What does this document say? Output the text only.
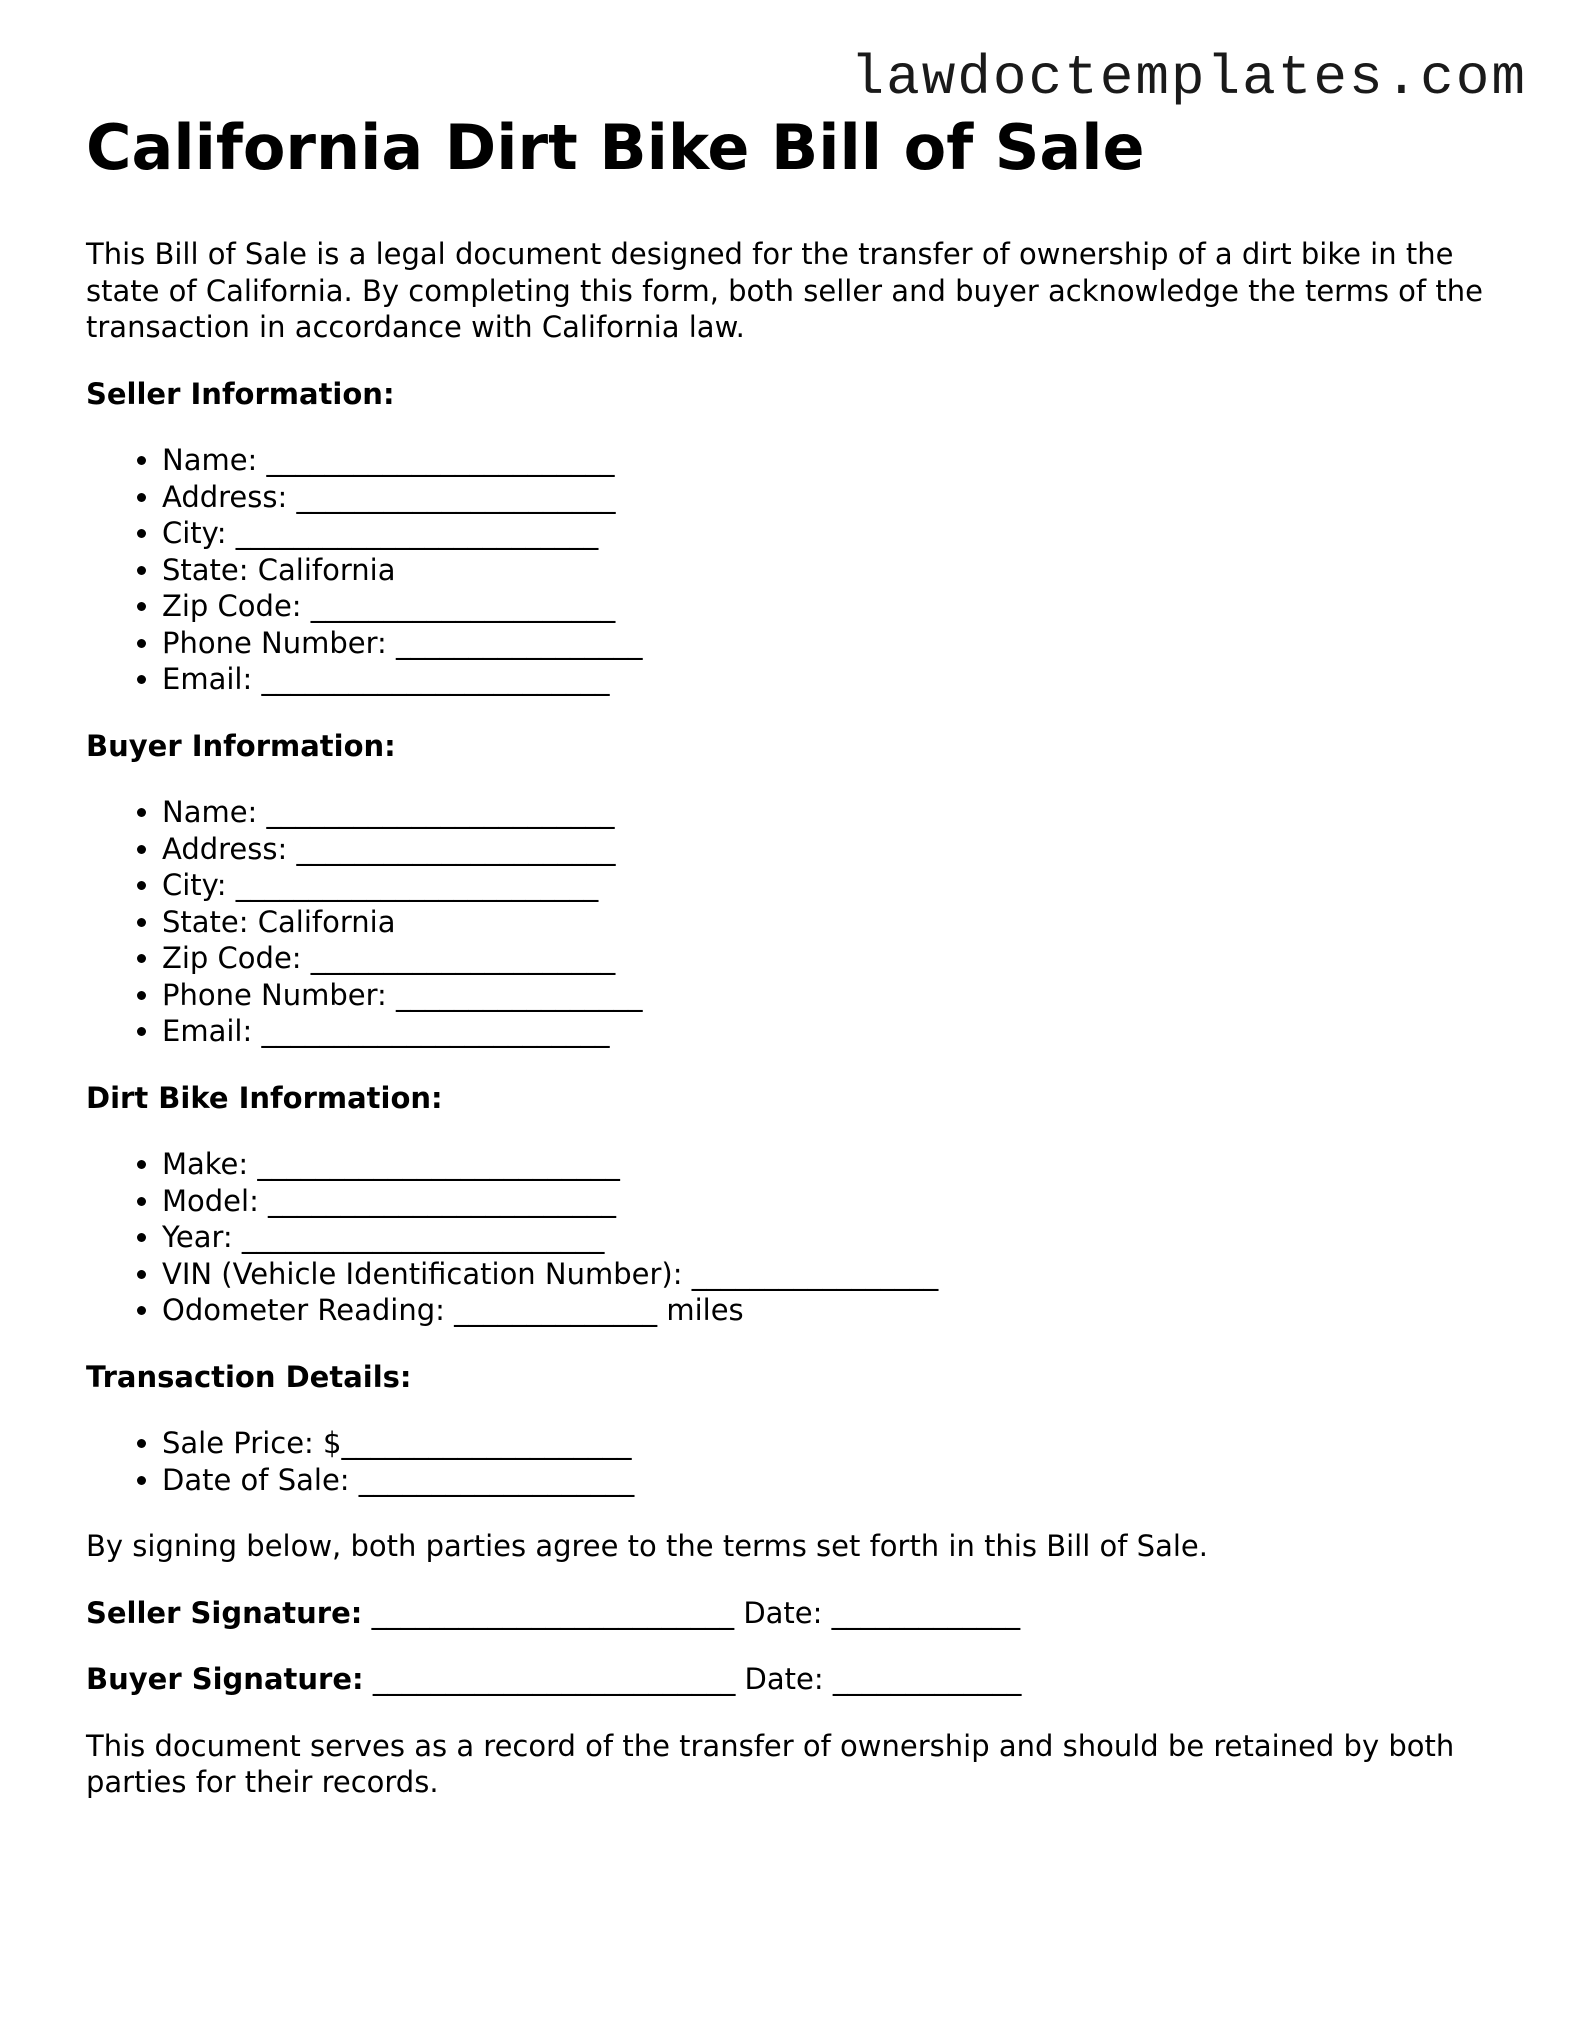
lawdoctemplates.com
California Dirt Bike Bill of Sale

This Bill of Sale is a legal document designed for the transfer of ownership of a dirt bike in the state of California. By completing this form, both seller and buyer acknowledge the terms of the transaction in accordance with California law.

Seller Information:
• Name: ________________________
• Address: ______________________
• City: _________________________
• State: California
• Zip Code: _____________________
• Phone Number: _________________
• Email: ________________________
Buyer Information:
• Name: ________________________
• Address: ______________________
• City: _________________________
• State: California
• Zip Code: _____________________
• Phone Number: _________________
• Email: ________________________
Dirt Bike Information:
• Make: _________________________
• Model: ________________________
• Year: _________________________
• VIN (Vehicle Identification Number): _________________
• Odometer Reading: ______________ miles
Transaction Details:
• Sale Price: $____________________
• Date of Sale: ___________________

By signing below, both parties agree to the terms set forth in this Bill of Sale.

Seller Signature: _________________________ Date: _____________

Buyer Signature: _________________________ Date: _____________

This document serves as a record of the transfer of ownership and should be retained by both parties for their records.
